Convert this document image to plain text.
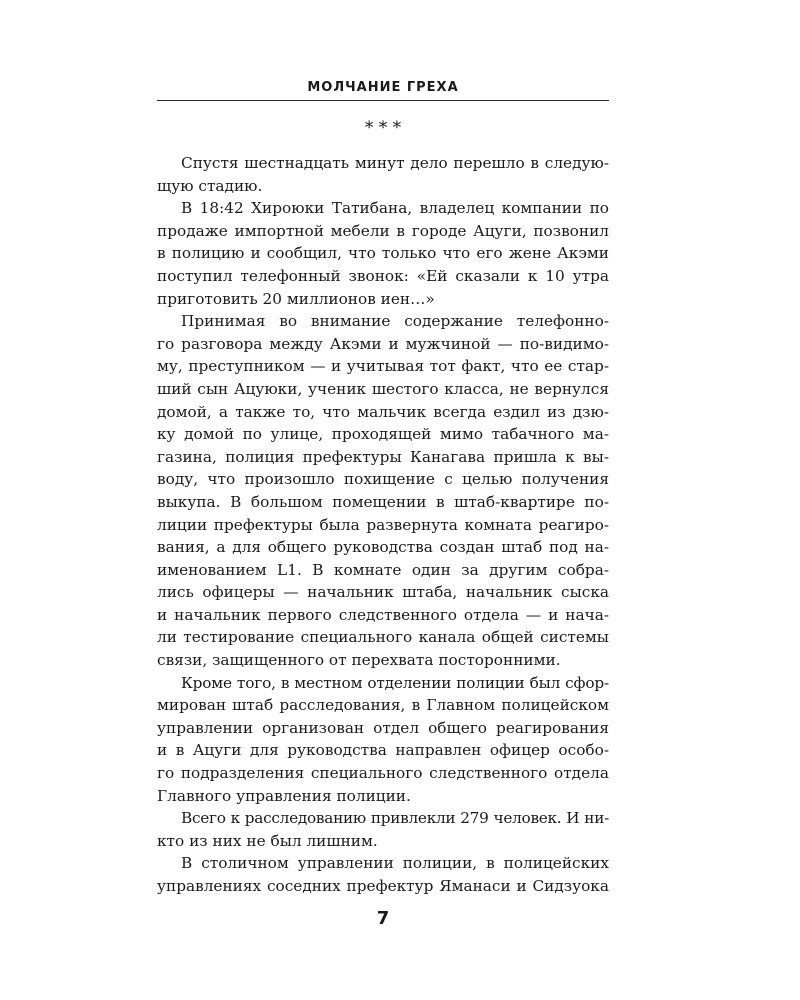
МОЛЧАНИЕ ГРЕХА
* * *
Спустя шестнадцать минут дело перешло в следую-
щую стадию.
В 18:42 Хироюки Татибана, владелец компании по
продаже импортной мебели в городе Ацуги, позвонил
в полицию и сообщил, что только что его жене Акэми
поступил телефонный звонок: «Ей сказали к 10 утра
приготовить 20 миллионов иен…»
Принимая во внимание содержание телефонно-
го разговора между Акэми и мужчиной — по-видимо-
му, преступником — и учитывая тот факт, что ее стар-
ший сын Ацуюки, ученик шестого класса, не вернулся
домой, а также то, что мальчик всегда ездил из дзю-
ку домой по улице, проходящей мимо табачного ма-
газина, полиция префектуры Канагава пришла к вы-
воду, что произошло похищение с целью получения
выкупа. В большом помещении в штаб-квартире по-
лиции префектуры была развернута комната реагиро-
вания, а для общего руководства создан штаб под на-
именованием L1. В комнате один за другим собра-
лись офицеры — начальник штаба, начальник сыска
и начальник первого следственного отдела — и нача-
ли тестирование специального канала общей системы
связи, защищенного от перехвата посторонними.
Кроме того, в местном отделении полиции был сфор-
мирован штаб расследования, в Главном полицейском
управлении организован отдел общего реагирования
и в Ацуги для руководства направлен офицер особо-
го подразделения специального следственного отдела
Главного управления полиции.
Всего к расследованию привлекли 279 человек. И ни-
кто из них не был лишним.
В столичном управлении полиции, в полицейских
управлениях соседних префектур Яманаси и Сидзуока
7
